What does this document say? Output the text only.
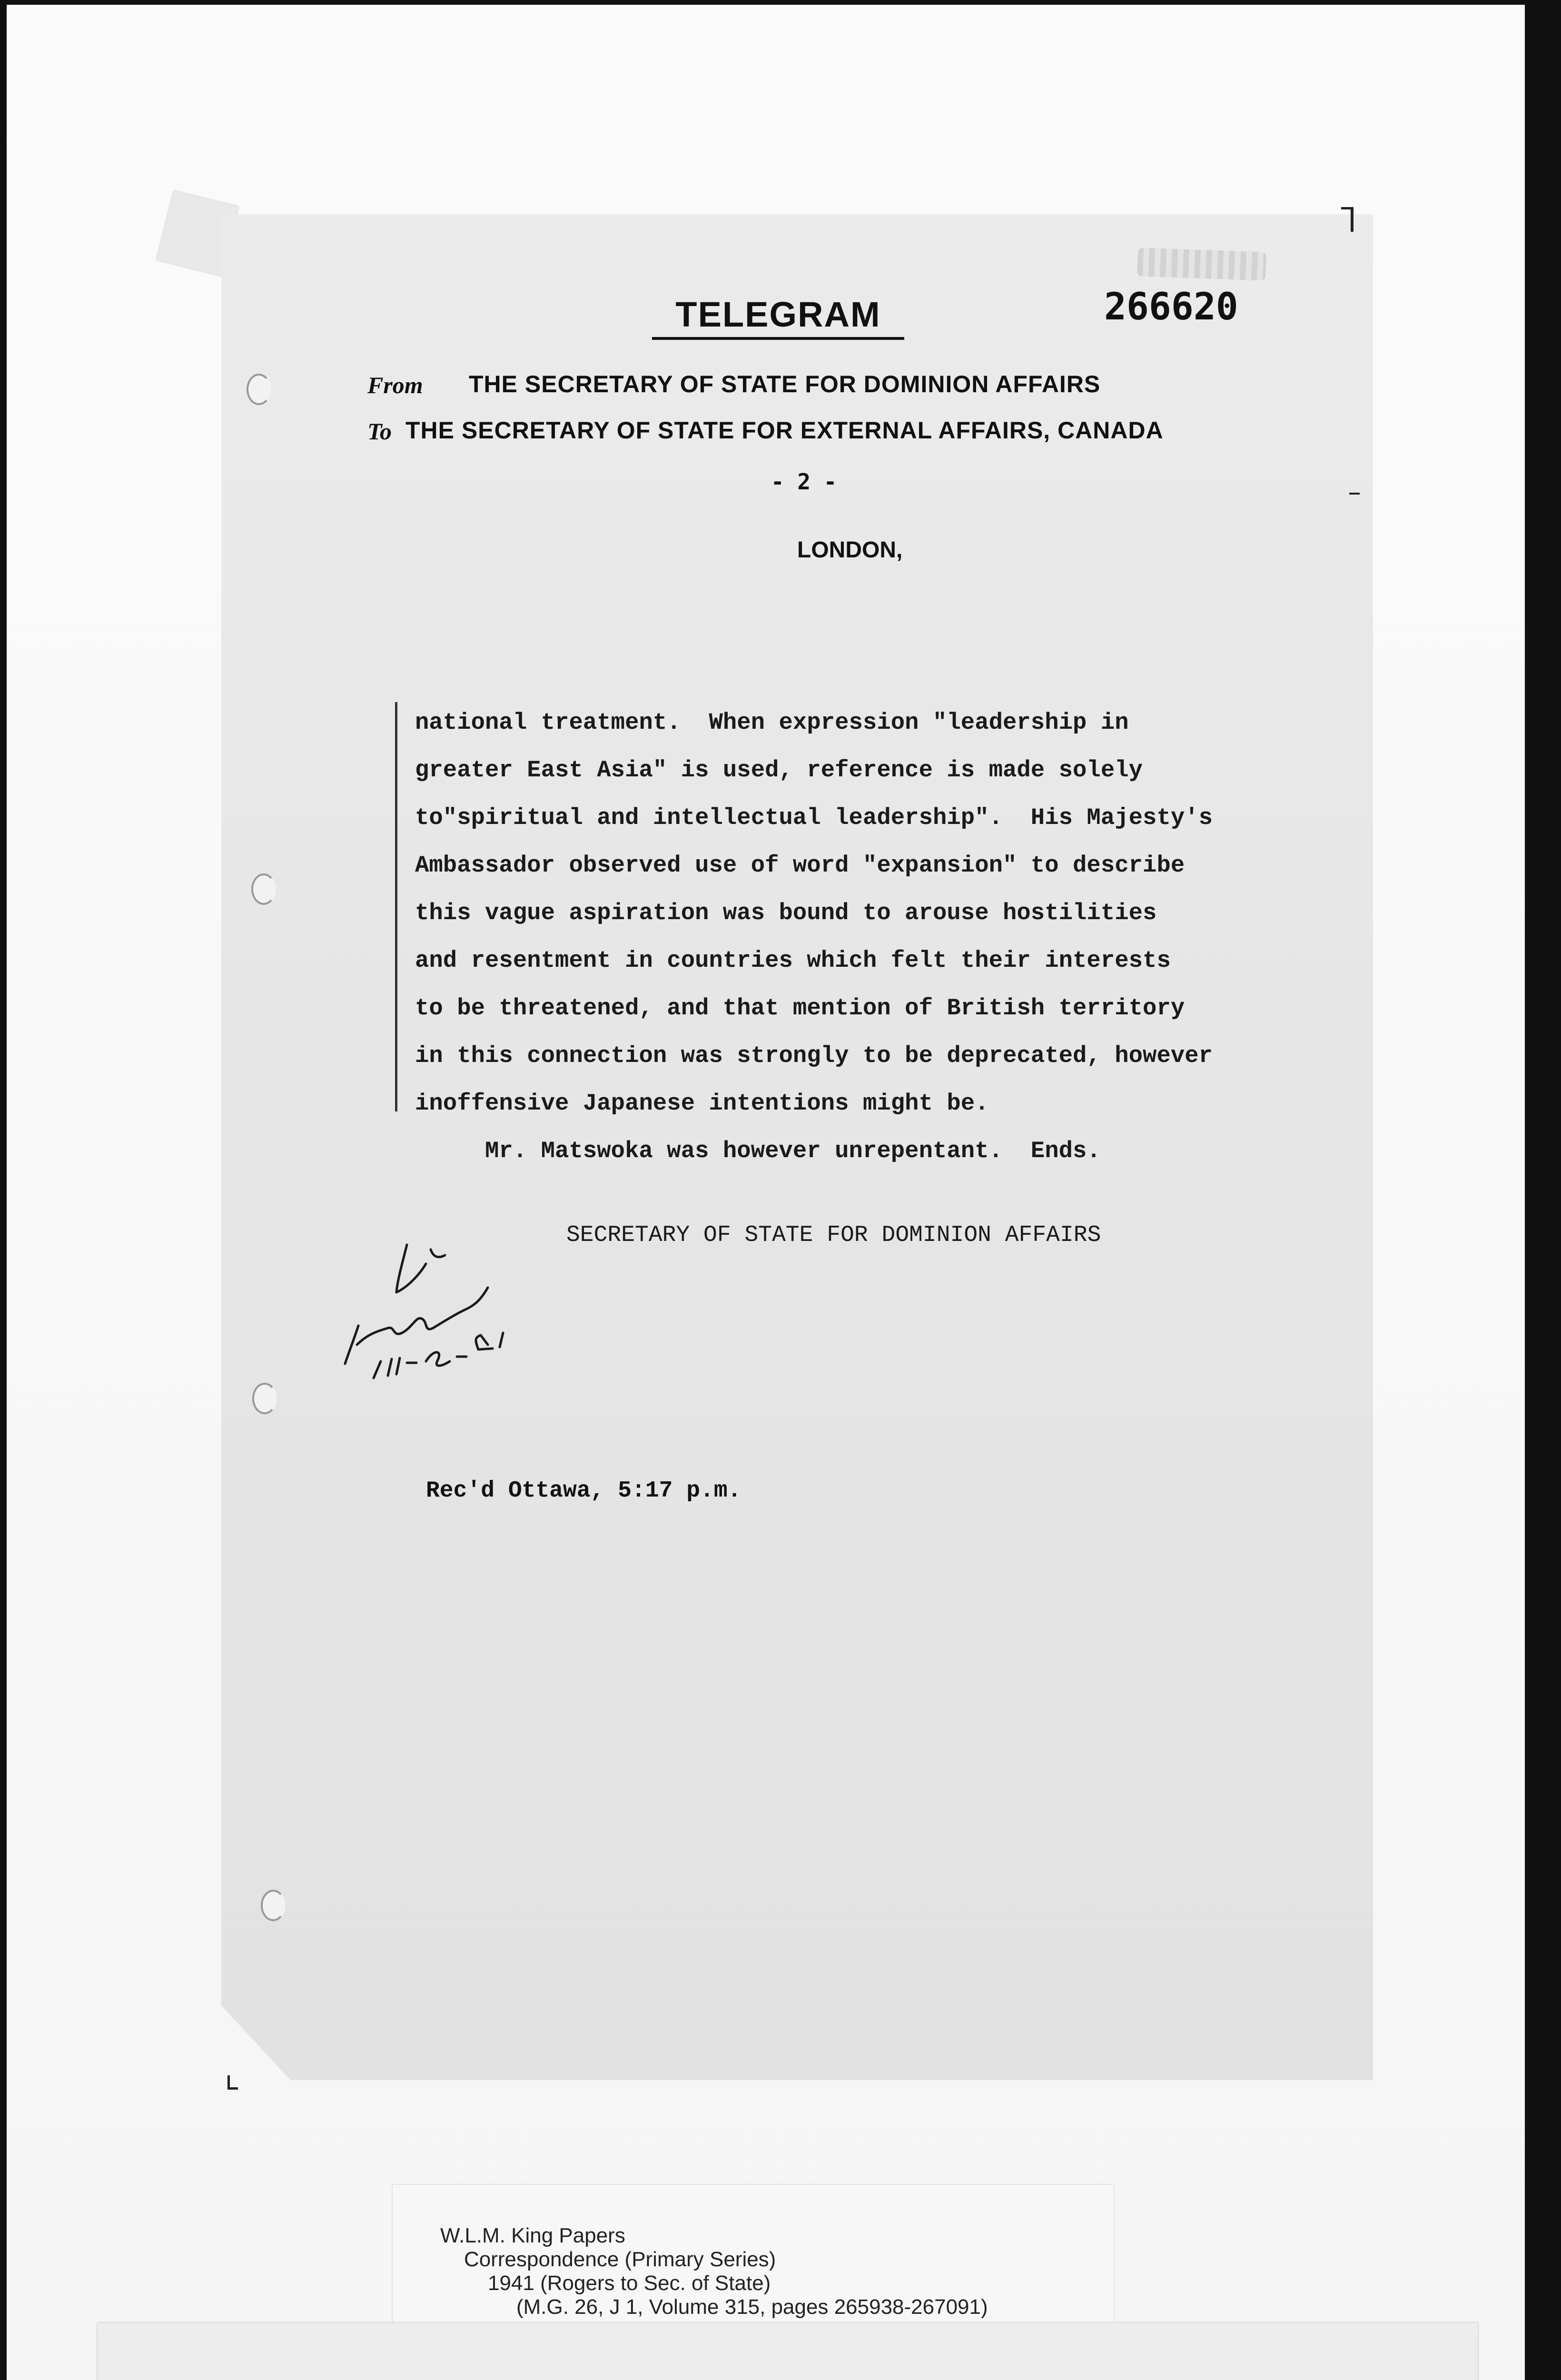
TELEGRAM	266620
From THE SECRETARY OF STATE FOR DOMINION AFFAIRS
To THE SECRETARY OF STATE FOR EXTERNAL AFFAIRS, CANADA
- 2 -
LONDON,
national treatment.  When expression "leadership in
greater East Asia" is used, reference is made solely
to"spiritual and intellectual leadership".  His Majesty's
Ambassador observed use of word "expansion" to describe
this vague aspiration was bound to arouse hostilities
and resentment in countries which felt their interests
to be threatened, and that mention of British territory
in this connection was strongly to be deprecated, however
inoffensive Japanese intentions might be.
Mr. Matswoka was however unrepentant.  Ends.
SECRETARY OF STATE FOR DOMINION AFFAIRS
Rec'd Ottawa, 5:17 p.m.
W.L.M. King Papers
Correspondence (Primary Series)
1941 (Rogers to Sec. of State)
(M.G. 26, J 1, Volume 315, pages 265938-267091)
